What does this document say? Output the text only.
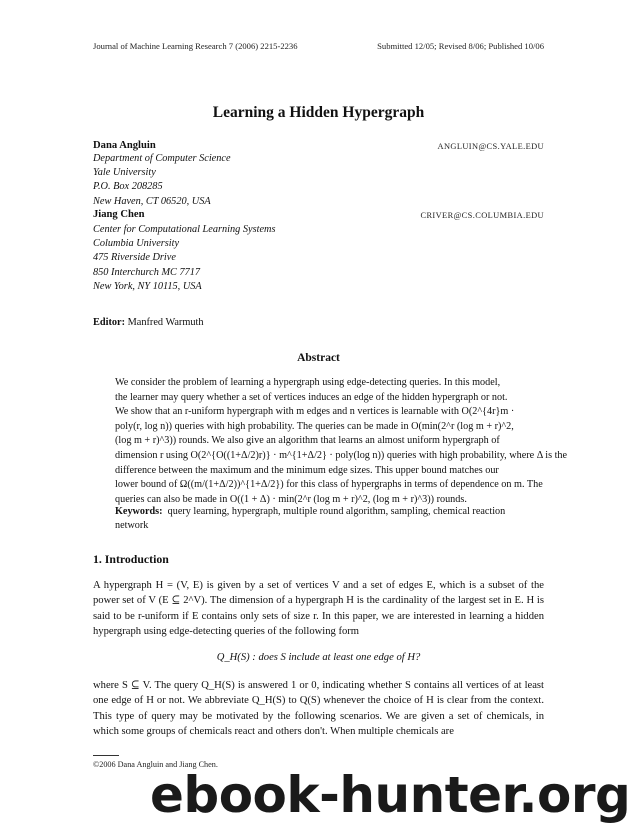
Journal of Machine Learning Research 7 (2006) 2215-2236	Submitted 12/05; Revised 8/06; Published 10/06
Learning a Hidden Hypergraph
Dana Angluin	ANGLUIN@CS.YALE.EDU
Department of Computer Science
Yale University
P.O. Box 208285
New Haven, CT 06520, USA
Jiang Chen	CRIVER@CS.COLUMBIA.EDU
Center for Computational Learning Systems
Columbia University
475 Riverside Drive
850 Interchurch MC 7717
New York, NY 10115, USA
Editor: Manfred Warmuth
Abstract
We consider the problem of learning a hypergraph using edge-detecting queries. In this model,
the learner may query whether a set of vertices induces an edge of the hidden hypergraph or not.
We show that an r-uniform hypergraph with m edges and n vertices is learnable with O(2^{4r}m ·
poly(r, log n)) queries with high probability. The queries can be made in O(min(2^r (log m + r)^2,
(log m + r)^3)) rounds. We also give an algorithm that learns an almost uniform hypergraph of
dimension r using O(2^{O((1+Δ/2)r)} · m^{1+Δ/2} · poly(log n)) queries with high probability, where Δ is the
difference between the maximum and the minimum edge sizes. This upper bound matches our
lower bound of Ω((m/(1+Δ/2))^{1+Δ/2}) for this class of hypergraphs in terms of dependence on m. The
queries can also be made in O((1 + Δ) · min(2^r (log m + r)^2, (log m + r)^3)) rounds.
Keywords: query learning, hypergraph, multiple round algorithm, sampling, chemical reaction network
1. Introduction
A hypergraph H = (V, E) is given by a set of vertices V and a set of edges E, which is a subset of the power set of V (E ⊆ 2^V). The dimension of a hypergraph H is the cardinality of the largest set in E. H is said to be r-uniform if E contains only sets of size r. In this paper, we are interested in learning a hidden hypergraph using edge-detecting queries of the following form
Q_H(S) : does S include at least one edge of H?
where S ⊆ V. The query Q_H(S) is answered 1 or 0, indicating whether S contains all vertices of at least one edge of H or not. We abbreviate Q_H(S) to Q(S) whenever the choice of H is clear from the context. This type of query may be motivated by the following scenarios. We are given a set of chemicals, in which some groups of chemicals react and others don't. When multiple chemicals are
©2006 Dana Angluin and Jiang Chen.
ebook-hunter.org
